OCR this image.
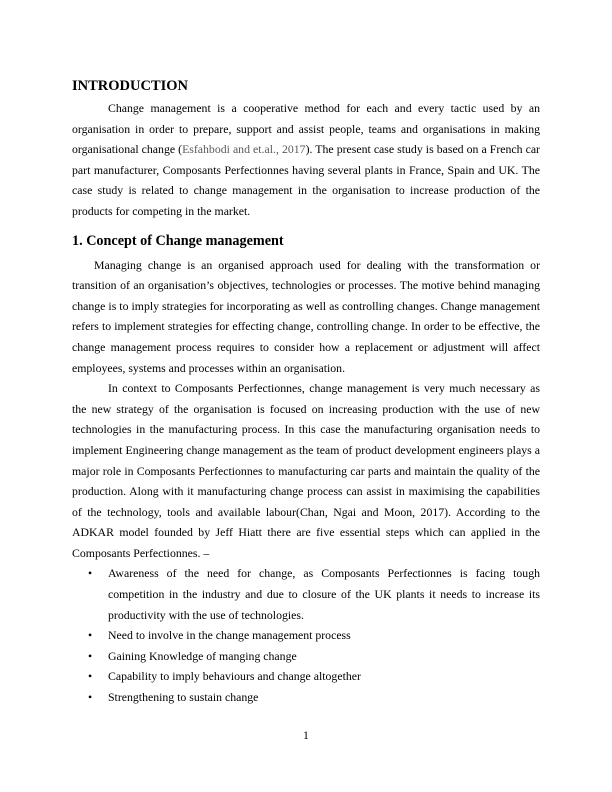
INTRODUCTION

Change management is a cooperative method for each and every tactic used by an organisation in order to prepare, support and assist people, teams and organisations in making organisational change (Esfahbodi and et.al., 2017). The present case study is based on a French car part manufacturer, Composants Perfectionnes having several plants in France, Spain and UK. The case study is related to change management in the organisation to increase production of the products for competing in the market.

1. Concept of Change management

Managing change is an organised approach used for dealing with the transformation or transition of an organisation’s objectives, technologies or processes. The motive behind managing change is to imply strategies for incorporating as well as controlling changes. Change management refers to implement strategies for effecting change, controlling change. In order to be effective, the change management process requires to consider how a replacement or adjustment will affect employees, systems and processes within an organisation.

In context to Composants Perfectionnes, change management is very much necessary as the new strategy of the organisation is focused on increasing production with the use of new technologies in the manufacturing process. In this case the manufacturing organisation needs to implement Engineering change management as the team of product development engineers plays a major role in Composants Perfectionnes to manufacturing car parts and maintain the quality of the production. Along with it manufacturing change process can assist in maximising the capabilities of the technology, tools and available labour(Chan, Ngai and Moon, 2017). According to the ADKAR model founded by Jeff Hiatt there are five essential steps which can applied in the Composants Perfectionnes. –

• Awareness of the need for change, as Composants Perfectionnes is facing tough competition in the industry and due to closure of the UK plants it needs to increase its productivity with the use of technologies.
• Need to involve in the change management process
• Gaining Knowledge of manging change
• Capability to imply behaviours and change altogether
• Strengthening to sustain change
1
